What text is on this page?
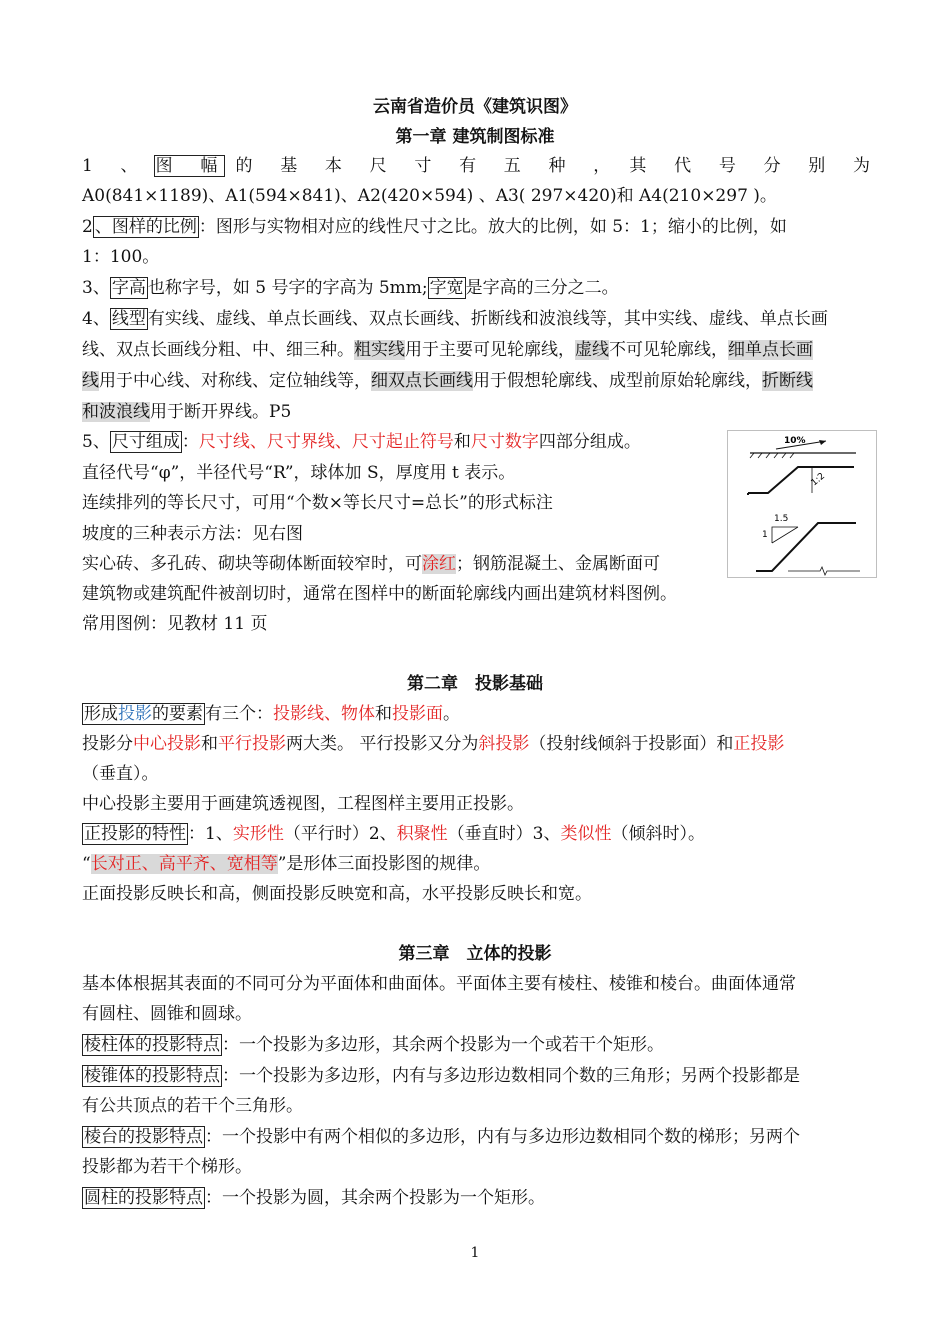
云南省造价员《建筑识图》
第一章 建筑制图标准
1　、 图　幅 的　基　本　尺　寸　有　五　种　，　其　代　号　分　别　为
A0(841×1189)、A1(594×841)、A2(420×594) 、A3( 297×420)和 A4(210×297 )。
2 、图样的比例 ：图形与实物相对应的线性尺寸之比。放大的比例，如 5：1；缩小的比例，如
1：100。
3、 字高 也称字号，如 5 号字的字高为 5mm; 字宽 是字高的三分之二。
4、 线型 有实线、虚线、单点长画线、双点长画线、折断线和波浪线等，其中实线、虚线、单点长画
线、双点长画线分粗、中、细三种。粗实线用于主要可见轮廓线，虚线不可见轮廓线，细单点长画
线用于中心线、对称线、定位轴线等，细双点长画线用于假想轮廓线、成型前原始轮廓线，折断线
和波浪线用于断开界线。P5
5、 尺寸组成 ：尺寸线、尺寸界线、尺寸起止符号和尺寸数字四部分组成。
直径代号“φ”，半径代号“R”，球体加 S，厚度用 t 表示。
连续排列的等长尺寸，可用“个数×等长尺寸=总长”的形式标注
坡度的三种表示方法：见右图
实心砖、多孔砖、砌块等砌体断面较窄时，可涂红；钢筋混凝土、金属断面可
建筑物或建筑配件被剖切时，通常在图样中的断面轮廓线内画出建筑材料图例。
常用图例：见教材 11 页
10%
1:2
1.5
1
第二章　投影基础
形成投影的要素 有三个：投影线、物体和投影面。
投影分中心投影和平行投影两大类。 平行投影又分为斜投影（投射线倾斜于投影面）和正投影
（垂直）。
中心投影主要用于画建筑透视图，工程图样主要用正投影。
正投影的特性 ：1、实形性（平行时）2、积聚性（垂直时）3、类似性（倾斜时）。
“长对正、高平齐、宽相等”是形体三面投影图的规律。
正面投影反映长和高，侧面投影反映宽和高，水平投影反映长和宽。
第三章　立体的投影
基本体根据其表面的不同可分为平面体和曲面体。平面体主要有棱柱、棱锥和棱台。曲面体通常
有圆柱、圆锥和圆球。
棱柱体的投影特点 ：一个投影为多边形，其余两个投影为一个或若干个矩形。
棱锥体的投影特点 ：一个投影为多边形，内有与多边形边数相同个数的三角形；另两个投影都是
有公共顶点的若干个三角形。
棱台的投影特点 ：一个投影中有两个相似的多边形，内有与多边形边数相同个数的梯形；另两个
投影都为若干个梯形。
圆柱的投影特点 ：一个投影为圆，其余两个投影为一个矩形。
1
